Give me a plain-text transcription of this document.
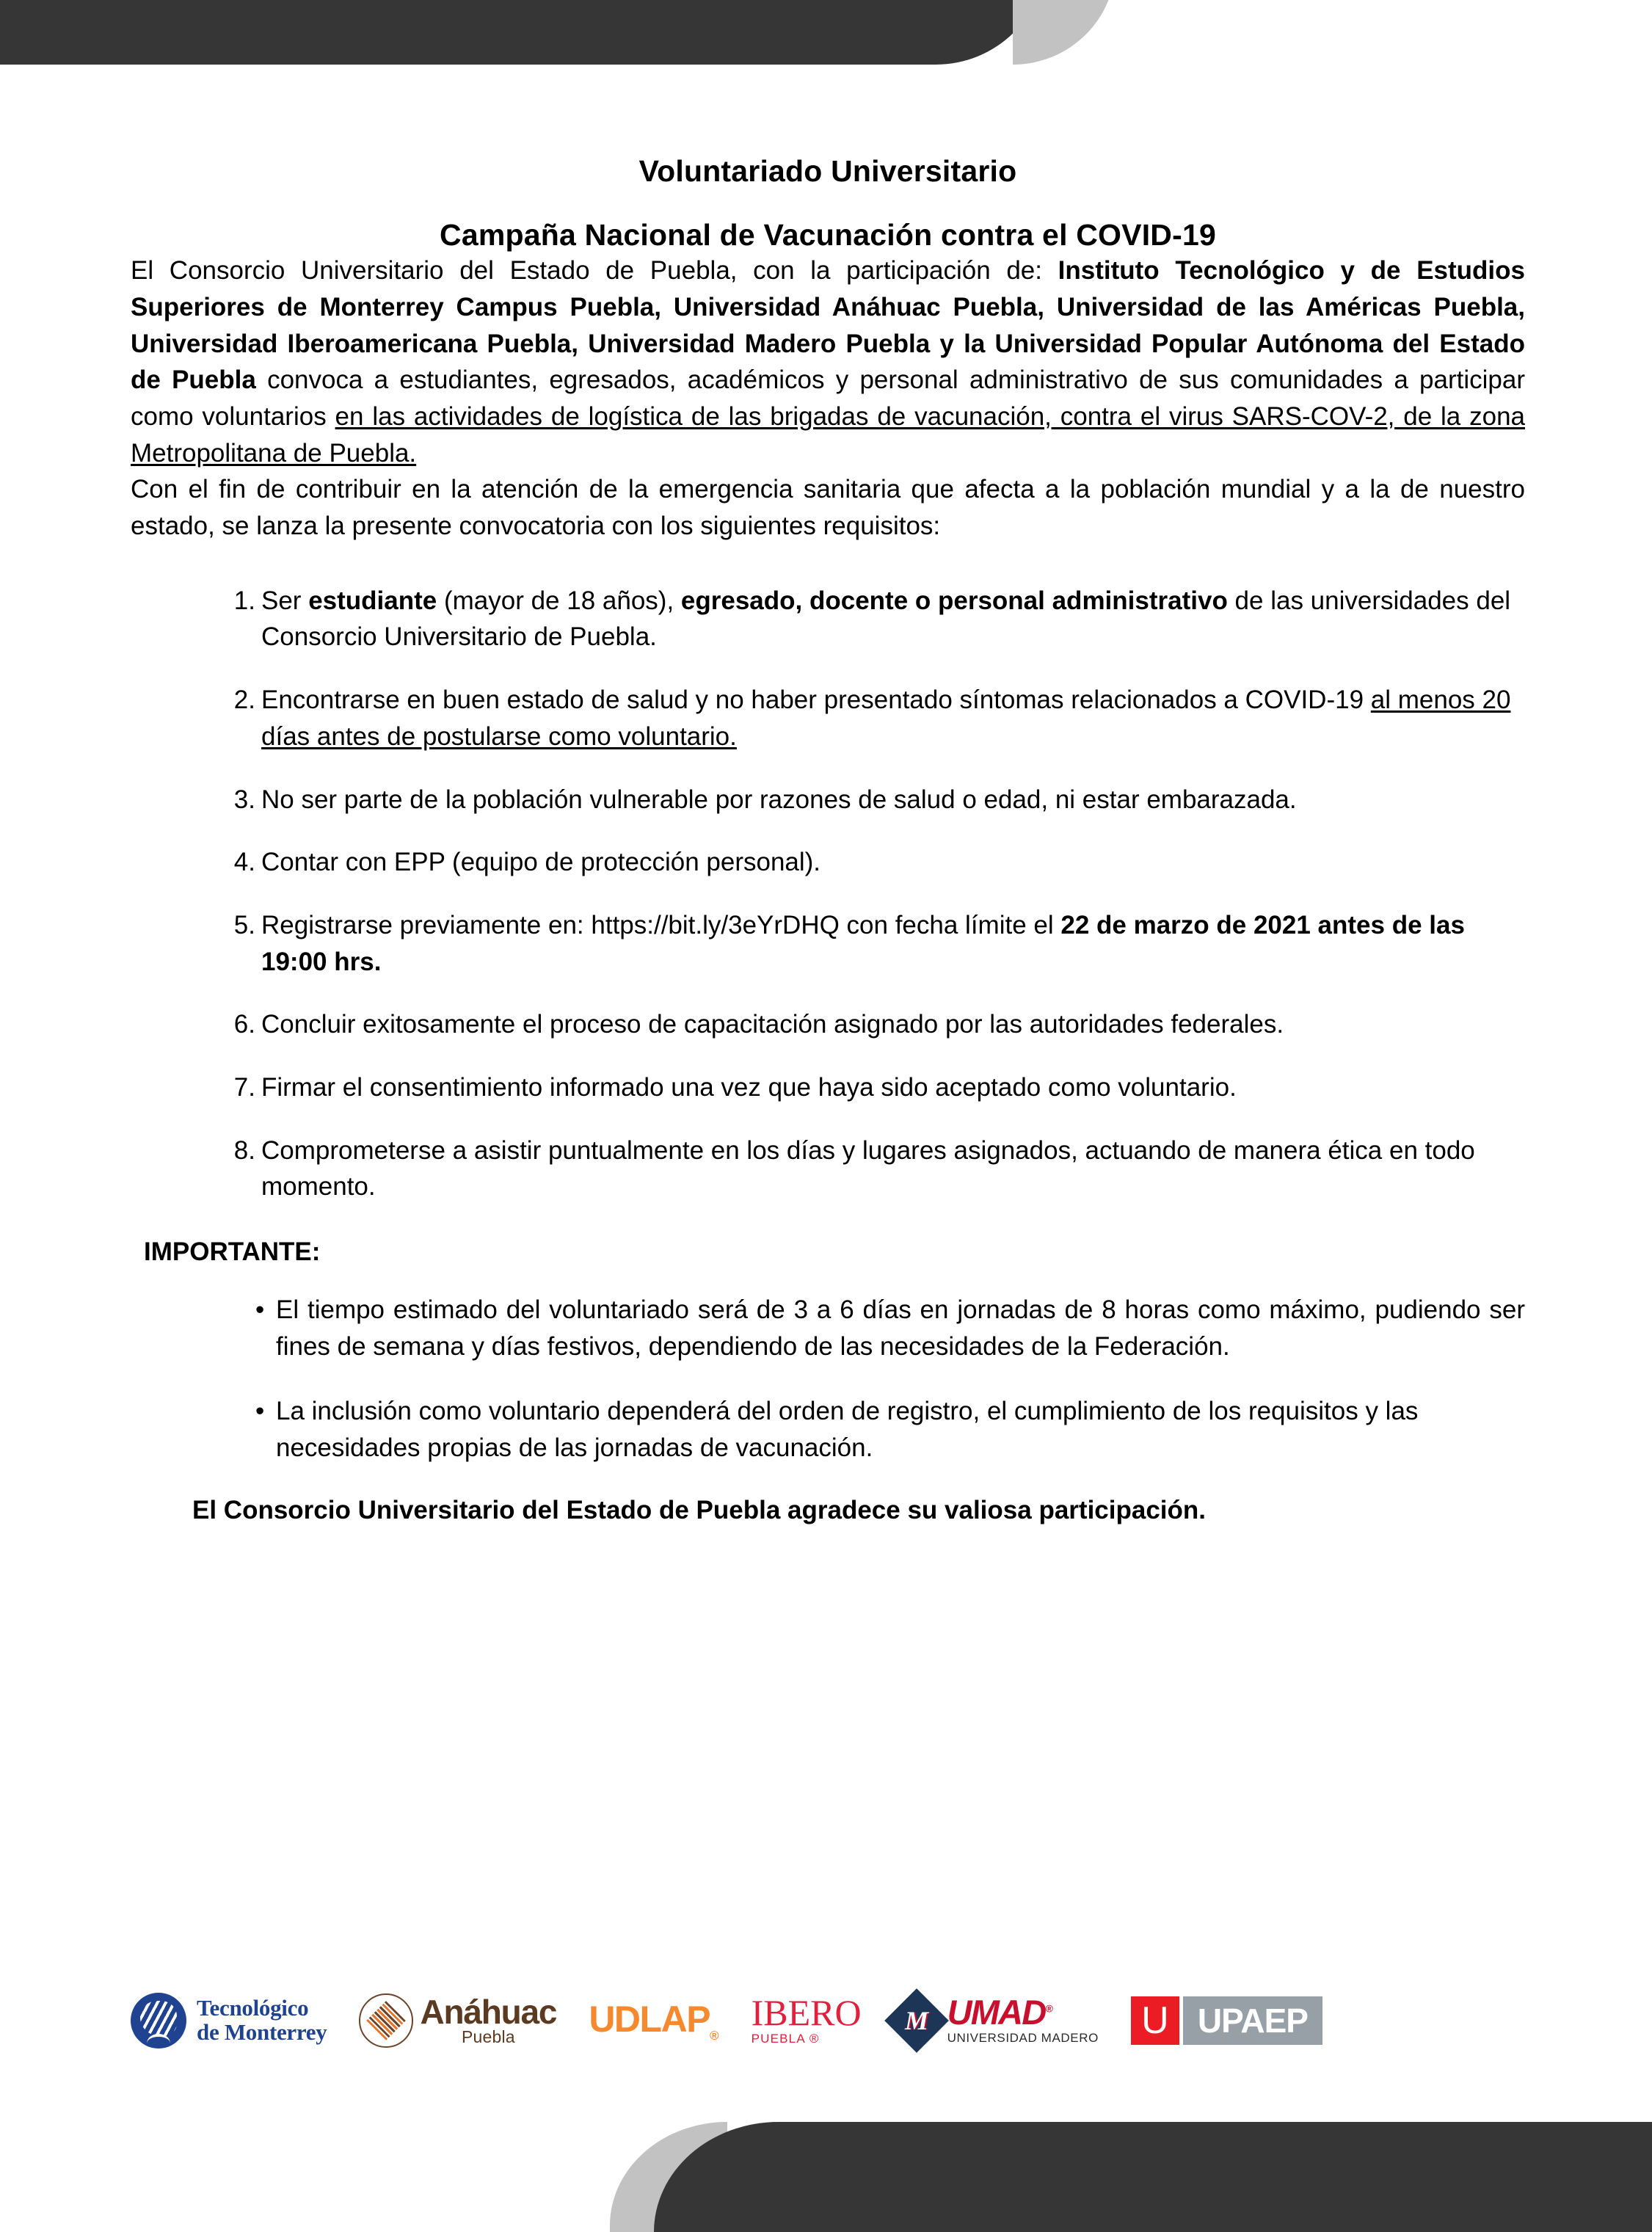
Voluntariado Universitario
Campaña Nacional de Vacunación contra el COVID-19

El Consorcio Universitario del Estado de Puebla, con la participación de: Instituto Tecnológico y de Estudios Superiores de Monterrey Campus Puebla, Universidad Anáhuac Puebla, Universidad de las Américas Puebla, Universidad Iberoamericana Puebla, Universidad Madero Puebla y la Universidad Popular Autónoma del Estado de Puebla convoca a estudiantes, egresados, académicos y personal administrativo de sus comunidades a participar como voluntarios en las actividades de logística de las brigadas de vacunación, contra el virus SARS-COV-2, de la zona Metropolitana de Puebla.

Con el fin de contribuir en la atención de la emergencia sanitaria que afecta a la población mundial y a la de nuestro estado, se lanza la presente convocatoria con los siguientes requisitos:

Ser estudiante (mayor de 18 años), egresado, docente o personal administrativo de las universidades del Consorcio Universitario de Puebla.
Encontrarse en buen estado de salud y no haber presentado síntomas relacionados a COVID-19 al menos 20 días antes de postularse como voluntario.
No ser parte de la población vulnerable por razones de salud o edad, ni estar embarazada.
Contar con EPP (equipo de protección personal).
Registrarse previamente en: https://bit.ly/3eYrDHQ con fecha límite el 22 de marzo de 2021 antes de las 19:00 hrs.
Concluir exitosamente el proceso de capacitación asignado por las autoridades federales.
Firmar el consentimiento informado una vez que haya sido aceptado como voluntario.
Comprometerse a asistir puntualmente en los días y lugares asignados, actuando de manera ética en todo momento.
IMPORTANTE:
• El tiempo estimado del voluntariado será de 3 a 6 días en jornadas de 8 horas como máximo, pudiendo ser fines de semana y días festivos, dependiendo de las necesidades de la Federación.
• La inclusión como voluntario dependerá del orden de registro, el cumplimiento de los requisitos y las necesidades propias de las jornadas de vacunación.
El Consorcio Universitario del Estado de Puebla agradece su valiosa participación.
Tecnológico
de Monterrey
Anáhuac
Puebla	$UDLAP_®$
IBERO
PUEBLA ®
M UMAD®
UNIVERSIDAD MADERO U UPAEP
